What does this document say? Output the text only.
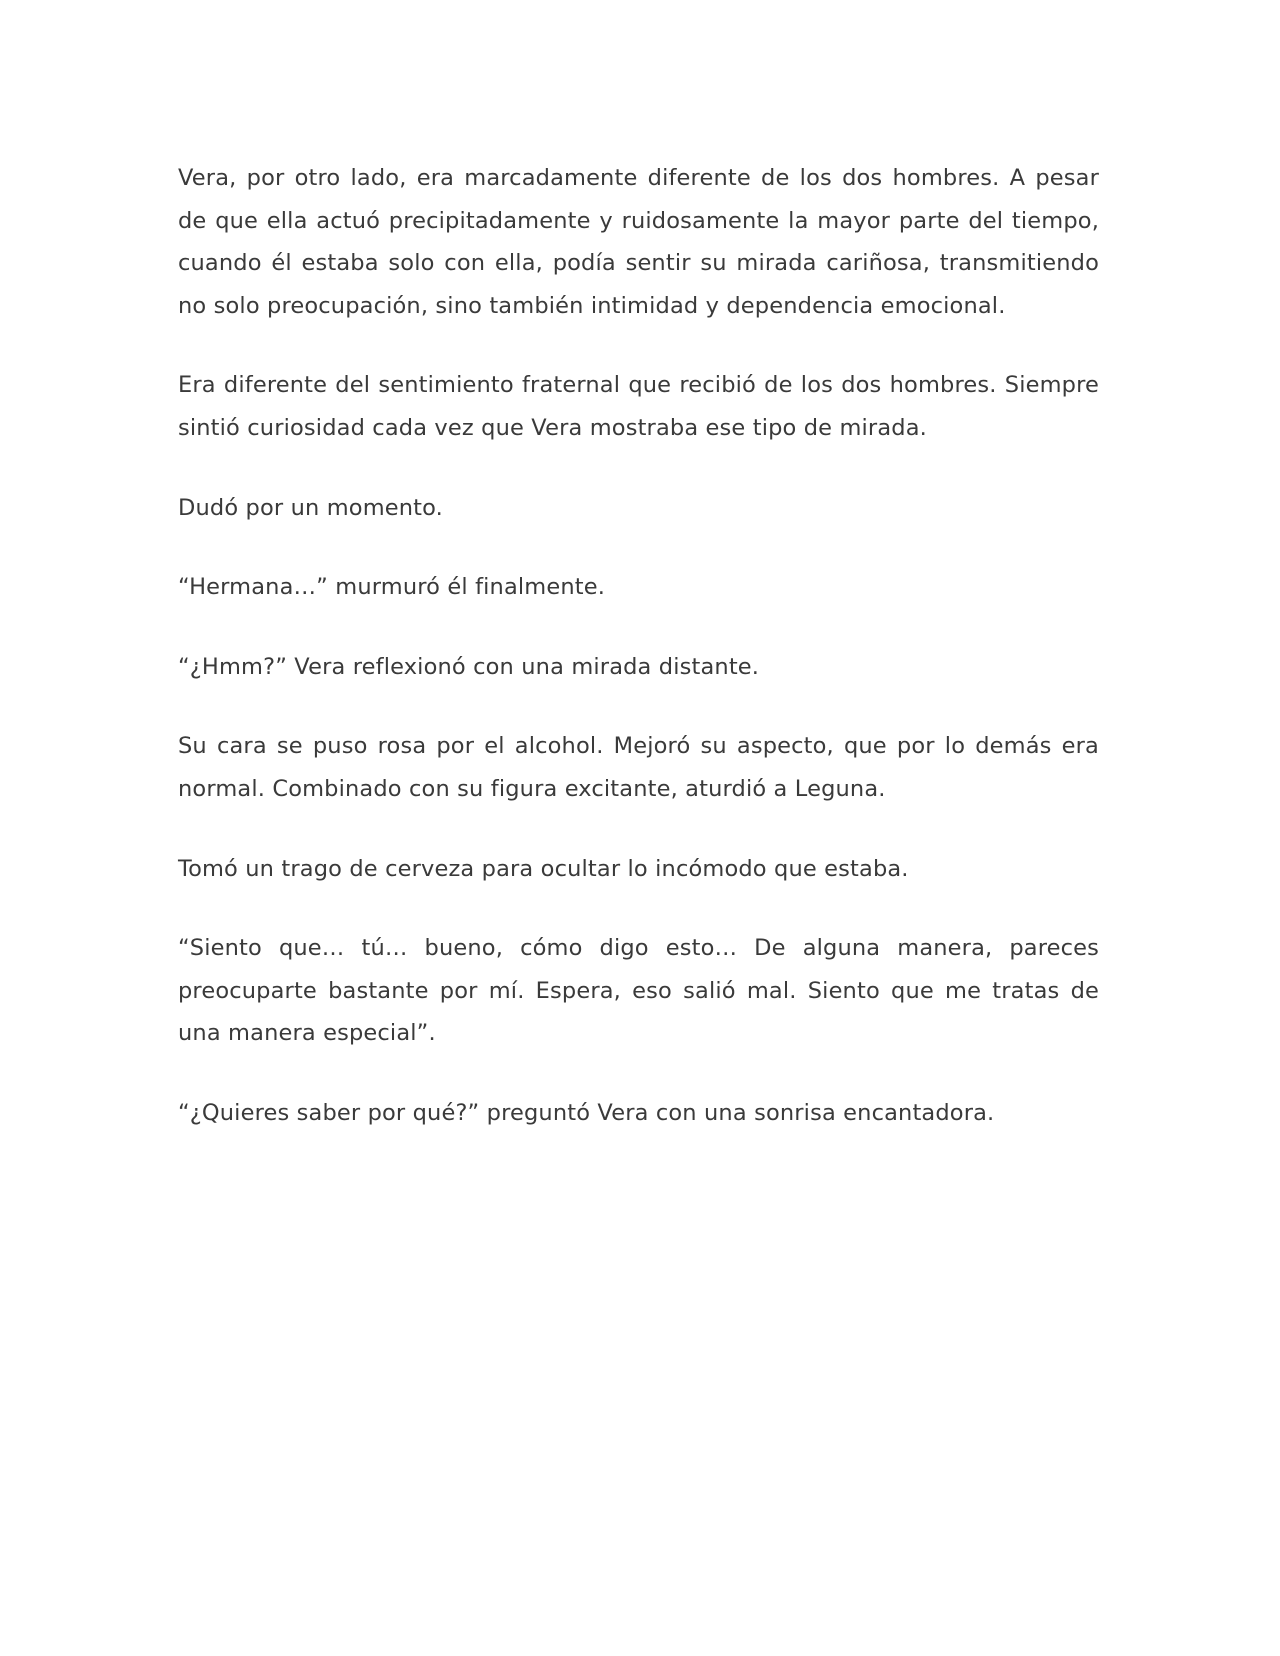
Vera, por otro lado, era marcadamente diferente de los dos hombres. A pesar de que ella actuó precipitadamente y ruidosamente la mayor parte del tiempo, cuando él estaba solo con ella, podía sentir su mirada cariñosa, transmitiendo no solo preocupación, sino también intimidad y dependencia emocional.

Era diferente del sentimiento fraternal que recibió de los dos hombres. Siempre sintió curiosidad cada vez que Vera mostraba ese tipo de mirada.

Dudó por un momento.

“Hermana…” murmuró él finalmente.

“¿Hmm?” Vera reflexionó con una mirada distante.

Su cara se puso rosa por el alcohol. Mejoró su aspecto, que por lo demás era normal. Combinado con su figura excitante, aturdió a Leguna.

Tomó un trago de cerveza para ocultar lo incómodo que estaba.

“Siento que… tú… bueno, cómo digo esto… De alguna manera, pareces preocuparte bastante por mí. Espera, eso salió mal. Siento que me tratas de una manera especial”.

“¿Quieres saber por qué?” preguntó Vera con una sonrisa encantadora.
